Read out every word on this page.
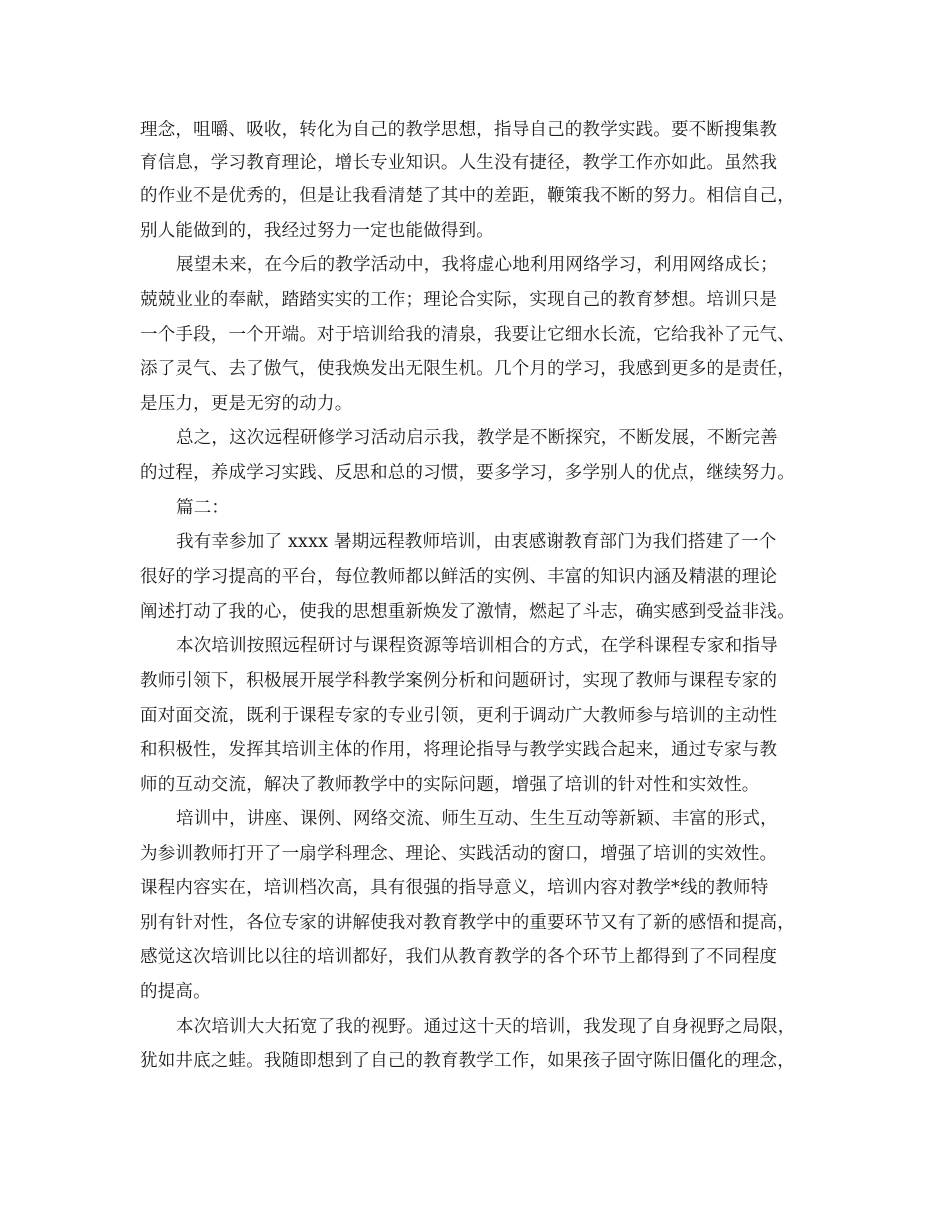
理念，咀嚼、吸收，转化为自己的教学思想，指导自己的教学实践。要不断搜集教
育信息，学习教育理论，增长专业知识。人生没有捷径，教学工作亦如此。虽然我
的作业不是优秀的，但是让我看清楚了其中的差距，鞭策我不断的努力。相信自己，
别人能做到的，我经过努力一定也能做得到。
展望未来，在今后的教学活动中，我将虚心地利用网络学习，利用网络成长；
兢兢业业的奉献，踏踏实实的工作；理论合实际，实现自己的教育梦想。培训只是
一个手段，一个开端。对于培训给我的清泉，我要让它细水长流，它给我补了元气、
添了灵气、去了傲气，使我焕发出无限生机。几个月的学习，我感到更多的是责任，
是压力，更是无穷的动力。
总之，这次远程研修学习活动启示我，教学是不断探究，不断发展，不断完善
的过程，养成学习实践、反思和总的习惯，要多学习，多学别人的优点，继续努力。
篇二：
我有幸参加了 xxxx 暑期远程教师培训，由衷感谢教育部门为我们搭建了一个
很好的学习提高的平台，每位教师都以鲜活的实例、丰富的知识内涵及精湛的理论
阐述打动了我的心，使我的思想重新焕发了激情，燃起了斗志，确实感到受益非浅。
本次培训按照远程研讨与课程资源等培训相合的方式，在学科课程专家和指导
教师引领下，积极展开展学科教学案例分析和问题研讨，实现了教师与课程专家的
面对面交流，既利于课程专家的专业引领，更利于调动广大教师参与培训的主动性
和积极性，发挥其培训主体的作用，将理论指导与教学实践合起来，通过专家与教
师的互动交流，解决了教师教学中的实际问题，增强了培训的针对性和实效性。
培训中，讲座、课例、网络交流、师生互动、生生互动等新颖、丰富的形式，
为参训教师打开了一扇学科理念、理论、实践活动的窗口，增强了培训的实效性。
课程内容实在，培训档次高，具有很强的指导意义，培训内容对教学*线的教师特
别有针对性，各位专家的讲解使我对教育教学中的重要环节又有了新的感悟和提高，
感觉这次培训比以往的培训都好，我们从教育教学的各个环节上都得到了不同程度
的提高。
本次培训大大拓宽了我的视野。通过这十天的培训，我发现了自身视野之局限，
犹如井底之蛙。我随即想到了自己的教育教学工作，如果孩子固守陈旧僵化的理念，
